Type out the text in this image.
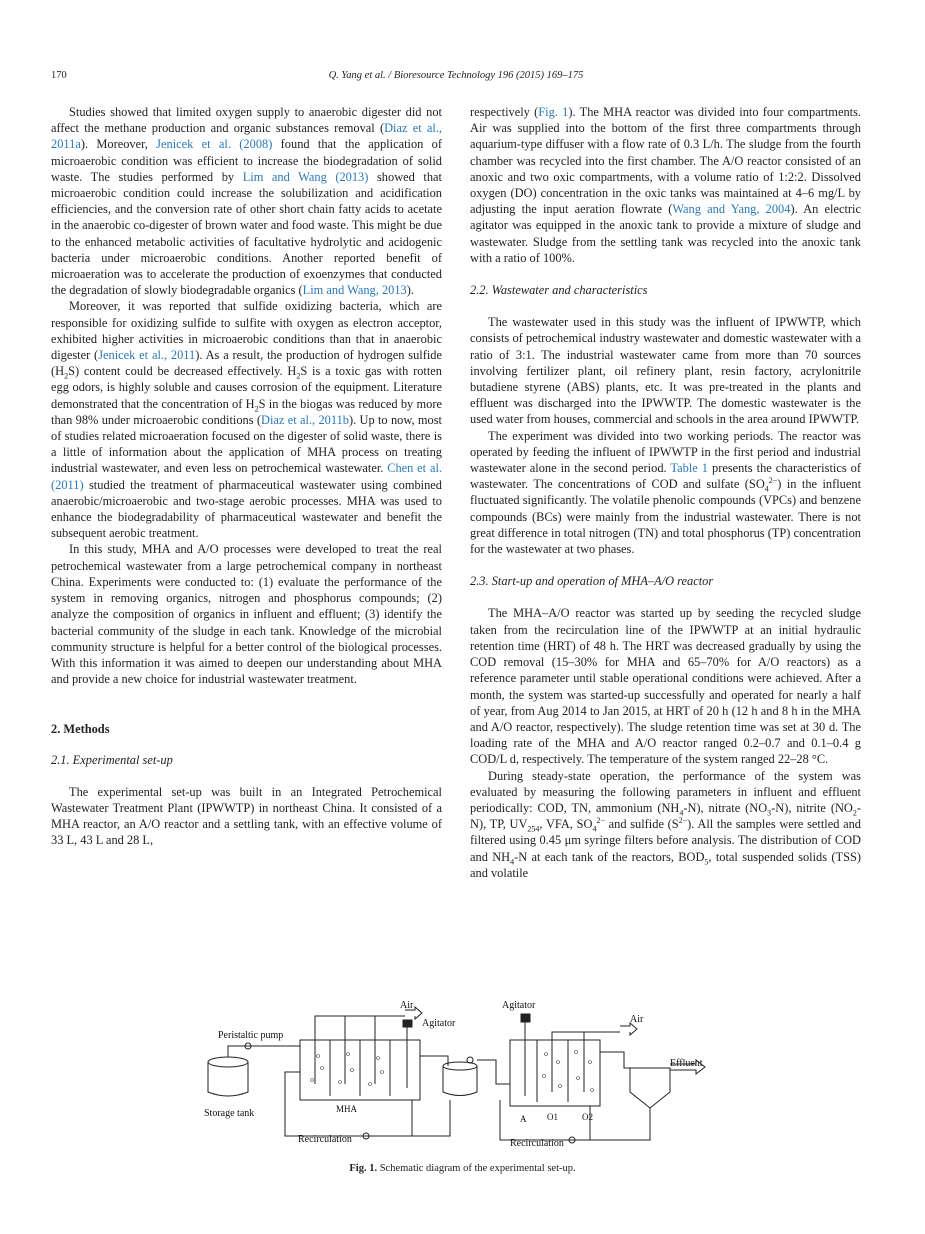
170	Q. Yang et al. / Bioresource Technology 196 (2015) 169–175

Studies showed that limited oxygen supply to anaerobic digester did not affect the methane production and organic substances removal (Diaz et al., 2011a). Moreover, Jenicek et al. (2008) found that the application of microaerobic condition was efficient to increase the biodegradation of solid waste. The studies performed by Lim and Wang (2013) showed that microaerobic condition could increase the solubilization and acidification efficiencies, and the conversion rate of other short chain fatty acids to acetate in the anaerobic co-digester of brown water and food waste. This might be due to the enhanced metabolic activities of facultative hydrolytic and acidogenic bacteria under microaerobic conditions. Another reported benefit of microaeration was to accelerate the production of exoenzymes that conducted the degradation of slowly biodegradable organics (Lim and Wang, 2013).

Moreover, it was reported that sulfide oxidizing bacteria, which are responsible for oxidizing sulfide to sulfite with oxygen as electron acceptor, exhibited higher activities in microaerobic conditions than that in anaerobic digester (Jenicek et al., 2011). As a result, the production of hydrogen sulfide $(H_2S)$ content could be decreased effectively. $H_2S$ is a toxic gas with rotten egg odors, is highly soluble and causes corrosion of the equipment. Literature demonstrated that the concentration of $H_2S$ in the biogas was reduced by more than 98% under microaerobic conditions (Diaz et al., 2011b). Up to now, most of studies related microaeration focused on the digester of solid waste, there is a little of information about the application of MHA process on treating industrial wastewater, and even less on petrochemical wastewater. Chen et al. (2011) studied the treatment of pharmaceutical wastewater using combined anaerobic/microaerobic and two-stage aerobic processes. MHA was used to enhance the biodegradability of pharmaceutical wastewater and benefit the subsequent aerobic treatment.

In this study, MHA and A/O processes were developed to treat the real petrochemical wastewater from a large petrochemical company in northeast China. Experiments were conducted to: (1) evaluate the performance of the system in removing organics, nitrogen and phosphorus compounds; (2) analyze the composition of organics in influent and effluent; (3) identify the bacterial community of the sludge in each tank. Knowledge of the microbial community structure is helpful for a better control of the biological processes. With this information it was aimed to deepen our understanding about MHA and provide a new choice for industrial wastewater treatment.

2. Methods
2.1. Experimental set-up

The experimental set-up was built in an Integrated Petrochemical Wastewater Treatment Plant (IPWWTP) in northeast China. It consisted of a MHA reactor, an A/O reactor and a settling tank, with an effective volume of 33 L, 43 L and 28 L,

respectively (Fig. 1). The MHA reactor was divided into four compartments. Air was supplied into the bottom of the first three compartments through aquarium-type diffuser with a flow rate of 0.3 L/h. The sludge from the fourth chamber was recycled into the first chamber. The A/O reactor consisted of an anoxic and two oxic compartments, with a volume ratio of 1:2:2. Dissolved oxygen (DO) concentration in the oxic tanks was maintained at 4–6 mg/L by adjusting the input aeration flowrate (Wang and Yang, 2004). An electric agitator was equipped in the anoxic tank to provide a mixture of sludge and wastewater. Sludge from the settling tank was recycled into the anoxic tank with a ratio of 100%.

2.2. Wastewater and characteristics

The wastewater used in this study was the influent of IPWWTP, which consists of petrochemical industry wastewater and domestic wastewater with a ratio of 3:1. The industrial wastewater came from more than 70 sources involving fertilizer plant, oil refinery plant, resin factory, acrylonitrile butadiene styrene (ABS) plants, etc. It was pre-treated in the plants and effluent was discharged into the IPWWTP. The domestic wastewater is the used water from houses, commercial and schools in the area around IPWWTP.

The experiment was divided into two working periods. The reactor was operated by feeding the influent of IPWWTP in the first period and industrial wastewater alone in the second period. Table 1 presents the characteristics of wastewater. The concentrations of COD and sulfate $(SO_4^{2-})$ in the influent fluctuated significantly. The volatile phenolic compounds (VPCs) and benzene compounds (BCs) were mainly from the industrial wastewater. There is not great difference in total nitrogen (TN) and total phosphorus (TP) concentration for the wastewater at two phases.

2.3. Start-up and operation of MHA–A/O reactor

The MHA–A/O reactor was started up by seeding the recycled sludge taken from the recirculation line of the IPWWTP at an initial hydraulic retention time (HRT) of 48 h. The HRT was decreased gradually by using the COD removal (15–30% for MHA and 65–70% for A/O reactors) as a reference parameter until stable operational conditions were achieved. After a month, the system was started-up successfully and operated for nearly a half of year, from Aug 2014 to Jan 2015, at HRT of 20 h (12 h and 8 h in the MHA and A/O reactor, respectively). The sludge retention time was set at 30 d. The loading rate of the MHA and A/O reactor ranged 0.2–0.7 and 0.1–0.4 g COD/L d, respectively. The temperature of the system ranged 22–28 °C.

During steady-state operation, the performance of the system was evaluated by measuring the following parameters in influent and effluent periodically: COD, TN, ammonium $(NH_4-N)$, nitrate $(NO_3-N)$, nitrite $(NO_2-N)$, TP, $UV_{254}$, VFA, $SO_4^{2-}$ and sulfide $(S^{2-})$. All the samples were settled and filtered using 0.45 μm syringe filters before analysis. The distribution of COD and $NH_4-N$ at each tank of the reactors, $BOD_5$, total suspended solids (TSS) and volatile

Air
Agitator
Peristaltic pump
Storage tank	MHA
Recirculation
Agitator
Air
Effluent
A O1	O2
Recirculation
Fig. 1. Schematic diagram of the experimental set-up.
